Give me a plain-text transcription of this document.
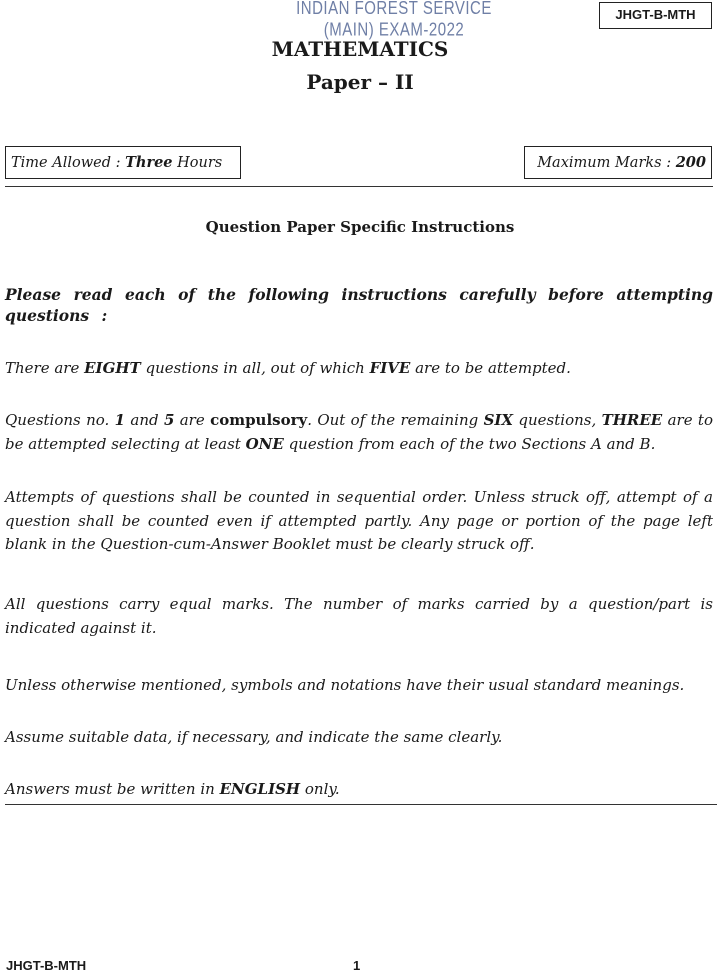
INDIAN FOREST SERVICE (MAIN) EXAM-2022
JHGT-B-MTH
MATHEMATICS
Paper – II
Time Allowed : Three Hours	Maximum Marks : 200
Question Paper Specific Instructions
Please read each of the following instructions carefully before attempting questions :
There are EIGHT questions in all, out of which FIVE are to be attempted.
Questions no. 1 and 5 are compulsory. Out of the remaining SIX questions, THREE are to be attempted selecting at least ONE question from each of the two Sections A and B.
Attempts of questions shall be counted in sequential order. Unless struck off, attempt of a question shall be counted even if attempted partly. Any page or portion of the page left blank in the Question-cum-Answer Booklet must be clearly struck off.
All questions carry equal marks. The number of marks carried by a question/part is indicated against it.
Unless otherwise mentioned, symbols and notations have their usual standard meanings.
Assume suitable data, if necessary, and indicate the same clearly.
Answers must be written in ENGLISH only.
JHGT-B-MTH	1
